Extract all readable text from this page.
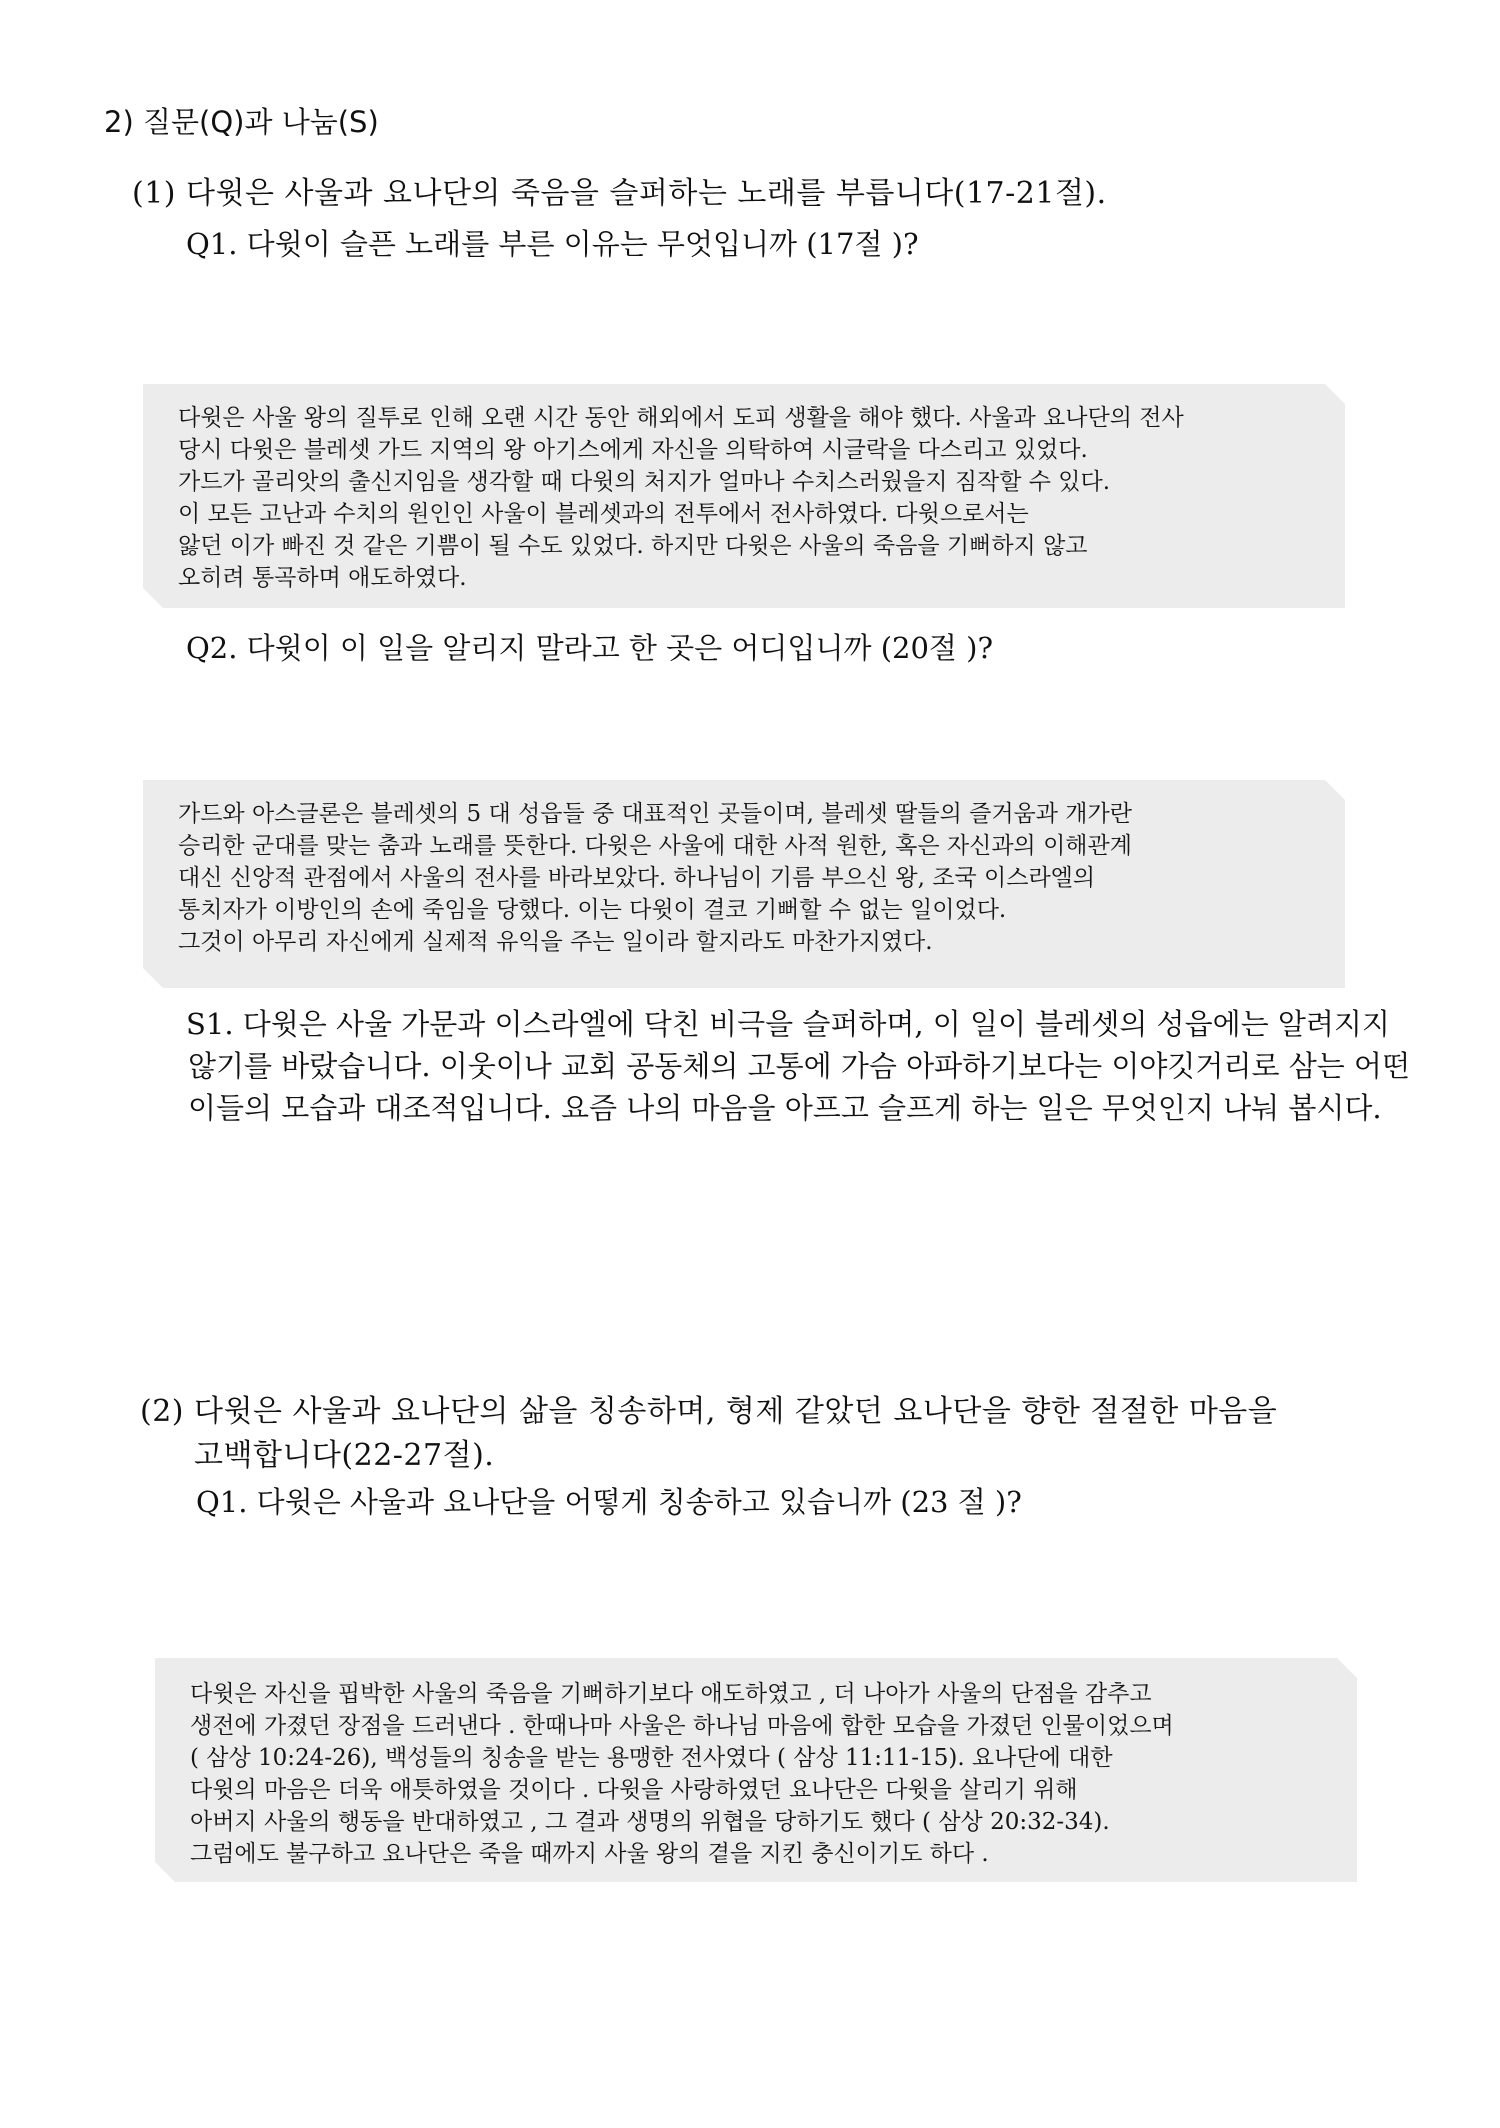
2) 질문(Q)과 나눔(S)
(1) 다윗은 사울과 요나단의 죽음을 슬퍼하는 노래를 부릅니다(17-21절).
Q1. 다윗이 슬픈 노래를 부른 이유는 무엇입니까 (17절 )?
다윗은 사울 왕의 질투로 인해 오랜 시간 동안 해외에서 도피 생활을 해야 했다. 사울과 요나단의 전사
당시 다윗은 블레셋 가드 지역의 왕 아기스에게 자신을 의탁하여 시글락을 다스리고 있었다.
가드가 골리앗의 출신지임을 생각할 때 다윗의 처지가 얼마나 수치스러웠을지 짐작할 수 있다.
이 모든 고난과 수치의 원인인 사울이 블레셋과의 전투에서 전사하였다. 다윗으로서는
앓던 이가 빠진 것 같은 기쁨이 될 수도 있었다. 하지만 다윗은 사울의 죽음을 기뻐하지 않고
오히려 통곡하며 애도하였다.
Q2. 다윗이 이 일을 알리지 말라고 한 곳은 어디입니까 (20절 )?
가드와 아스글론은 블레셋의 5 대 성읍들 중 대표적인 곳들이며, 블레셋 딸들의 즐거움과 개가란
승리한 군대를 맞는 춤과 노래를 뜻한다. 다윗은 사울에 대한 사적 원한, 혹은 자신과의 이해관계
대신 신앙적 관점에서 사울의 전사를 바라보았다. 하나님이 기름 부으신 왕, 조국 이스라엘의
통치자가 이방인의 손에 죽임을 당했다. 이는 다윗이 결코 기뻐할 수 없는 일이었다.
그것이 아무리 자신에게 실제적 유익을 주는 일이라 할지라도 마찬가지였다.
S1. 다윗은 사울 가문과 이스라엘에 닥친 비극을 슬퍼하며, 이 일이 블레셋의 성읍에는 알려지지
않기를 바랐습니다. 이웃이나 교회 공동체의 고통에 가슴 아파하기보다는 이야깃거리로 삼는 어떤
이들의 모습과 대조적입니다. 요즘 나의 마음을 아프고 슬프게 하는 일은 무엇인지 나눠 봅시다.
(2) 다윗은 사울과 요나단의 삶을 칭송하며, 형제 같았던 요나단을 향한 절절한 마음을
고백합니다(22-27절).
Q1. 다윗은 사울과 요나단을 어떻게 칭송하고 있습니까 (23 절 )?
다윗은 자신을 핍박한 사울의 죽음을 기뻐하기보다 애도하였고 , 더 나아가 사울의 단점을 감추고
생전에 가졌던 장점을 드러낸다 . 한때나마 사울은 하나님 마음에 합한 모습을 가졌던 인물이었으며
( 삼상 10:24-26), 백성들의 칭송을 받는 용맹한 전사였다 ( 삼상 11:11-15). 요나단에 대한
다윗의 마음은 더욱 애틋하였을 것이다 . 다윗을 사랑하였던 요나단은 다윗을 살리기 위해
아버지 사울의 행동을 반대하였고 , 그 결과 생명의 위협을 당하기도 했다 ( 삼상 20:32-34).
그럼에도 불구하고 요나단은 죽을 때까지 사울 왕의 곁을 지킨 충신이기도 하다 .
